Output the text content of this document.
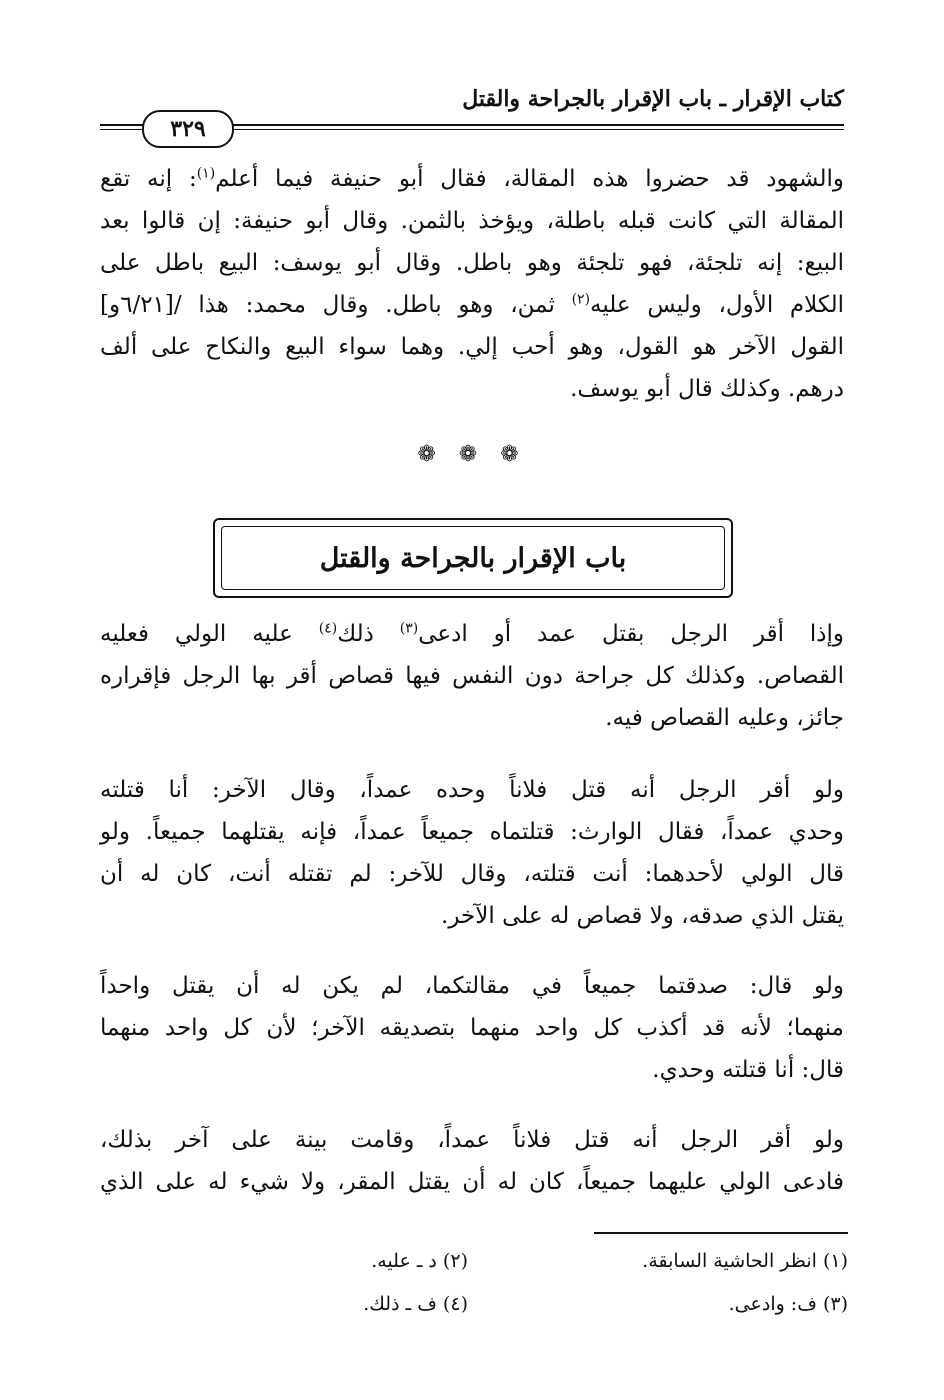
كتاب الإقرار ـ باب الإقرار بالجراحة والقتل
٣٢٩
والشهود قد حضروا هذه المقالة، فقال أبو حنيفة فيما أعلم$^{(١)}$: إنه تقع
المقالة التي كانت قبله باطلة، ويؤخذ بالثمن. وقال أبو حنيفة: إن قالوا بعد
البيع: إنه تلجئة، فهو تلجئة وهو باطل. وقال أبو يوسف: البيع باطل على
الكلام الأول، وليس عليه$^{(٢)}$ ثمن، وهو باطل. وقال محمد: هذا /[٦/٢١و]
القول الآخر هو القول، وهو أحب إلي. وهما سواء البيع والنكاح على ألف
درهم. وكذلك قال أبو يوسف.
❁ ❁ ❁
باب الإقرار بالجراحة والقتل
وإذا أقر الرجل بقتل عمد أو ادعى$^{(٣)}$ ذلك$^{(٤)}$ عليه الولي فعليه
القصاص. وكذلك كل جراحة دون النفس فيها قصاص أقر بها الرجل فإقراره
جائز، وعليه القصاص فيه.
ولو أقر الرجل أنه قتل فلاناً وحده عمداً، وقال الآخر: أنا قتلته
وحدي عمداً، فقال الوارث: قتلتماه جميعاً عمداً، فإنه يقتلهما جميعاً. ولو
قال الولي لأحدهما: أنت قتلته، وقال للآخر: لم تقتله أنت، كان له أن
يقتل الذي صدقه، ولا قصاص له على الآخر.
ولو قال: صدقتما جميعاً في مقالتكما، لم يكن له أن يقتل واحداً
منهما؛ لأنه قد أكذب كل واحد منهما بتصديقه الآخر؛ لأن كل واحد منهما
قال: أنا قتلته وحدي.
ولو أقر الرجل أنه قتل فلاناً عمداً، وقامت بينة على آخر بذلك،
فادعى الولي عليهما جميعاً، كان له أن يقتل المقر، ولا شيء له على الذي
(١) انظر الحاشية السابقة.
(٢) د ـ عليه.
(٣) ف: وادعى.
(٤) ف ـ ذلك.
